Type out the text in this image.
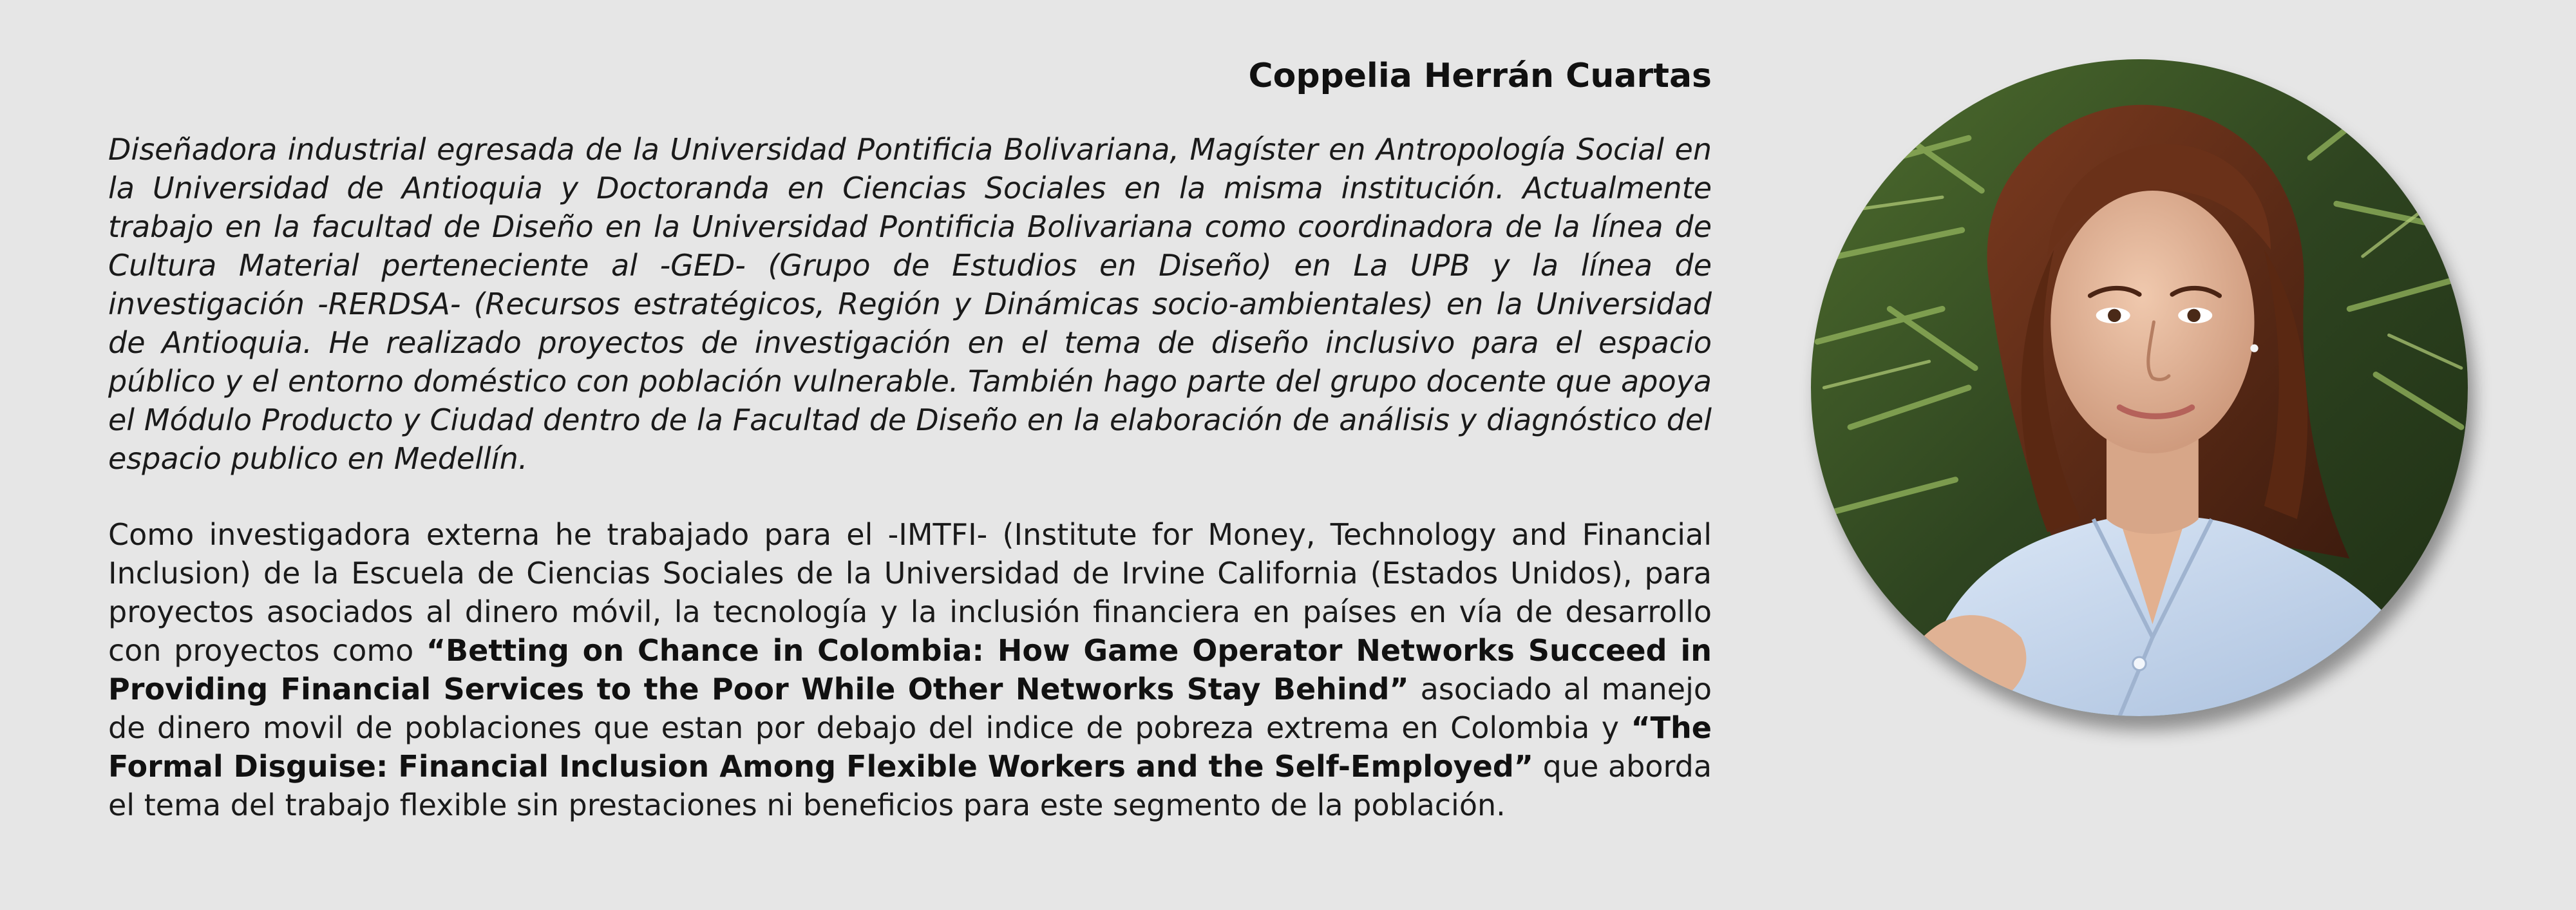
Coppelia Herrán Cuartas

Diseñadora industrial egresada de la Universidad Pontificia Bolivariana, Magíster en Antropología Social en la Universidad de Antioquia y Doctoranda en Ciencias Sociales en la misma institución. Actualmente trabajo en la facultad de Diseño en la Universidad Pontificia Bolivariana como coordinadora de la línea de Cultura Material perteneciente al -GED- (Grupo de Estudios en Diseño) en La UPB y la línea de investigación -RERDSA- (Recursos estratégicos, Región y Dinámicas socio-ambientales) en la Universidad de Antioquia. He realizado proyectos de investigación en el tema de diseño inclusivo para el espacio público y el entorno doméstico con población vulnerable. También hago parte del grupo docente que apoya el Módulo Producto y Ciudad dentro de la Facultad de Diseño en la elaboración de análisis y diagnóstico del espacio publico en Medellín.

Como investigadora externa he trabajado para el -IMTFI- (Institute for Money, Technology and Financial Inclusion) de la Escuela de Ciencias Sociales de la Universidad de Irvine California (Estados Unidos), para proyectos asociados al dinero móvil, la tecnología y la inclusión financiera en países en vía de desarrollo con proyectos como “Betting on Chance in Colombia: How Game Operator Networks Succeed in Providing Financial Services to the Poor While Other Networks Stay Behind” asociado al manejo de dinero movil de poblaciones que estan por debajo del indice de pobreza extrema en Colombia y “The Formal Disguise: Financial Inclusion Among Flexible Workers and the Self-Employed” que aborda el tema del trabajo flexible sin prestaciones ni beneficios para este segmento de la población.
